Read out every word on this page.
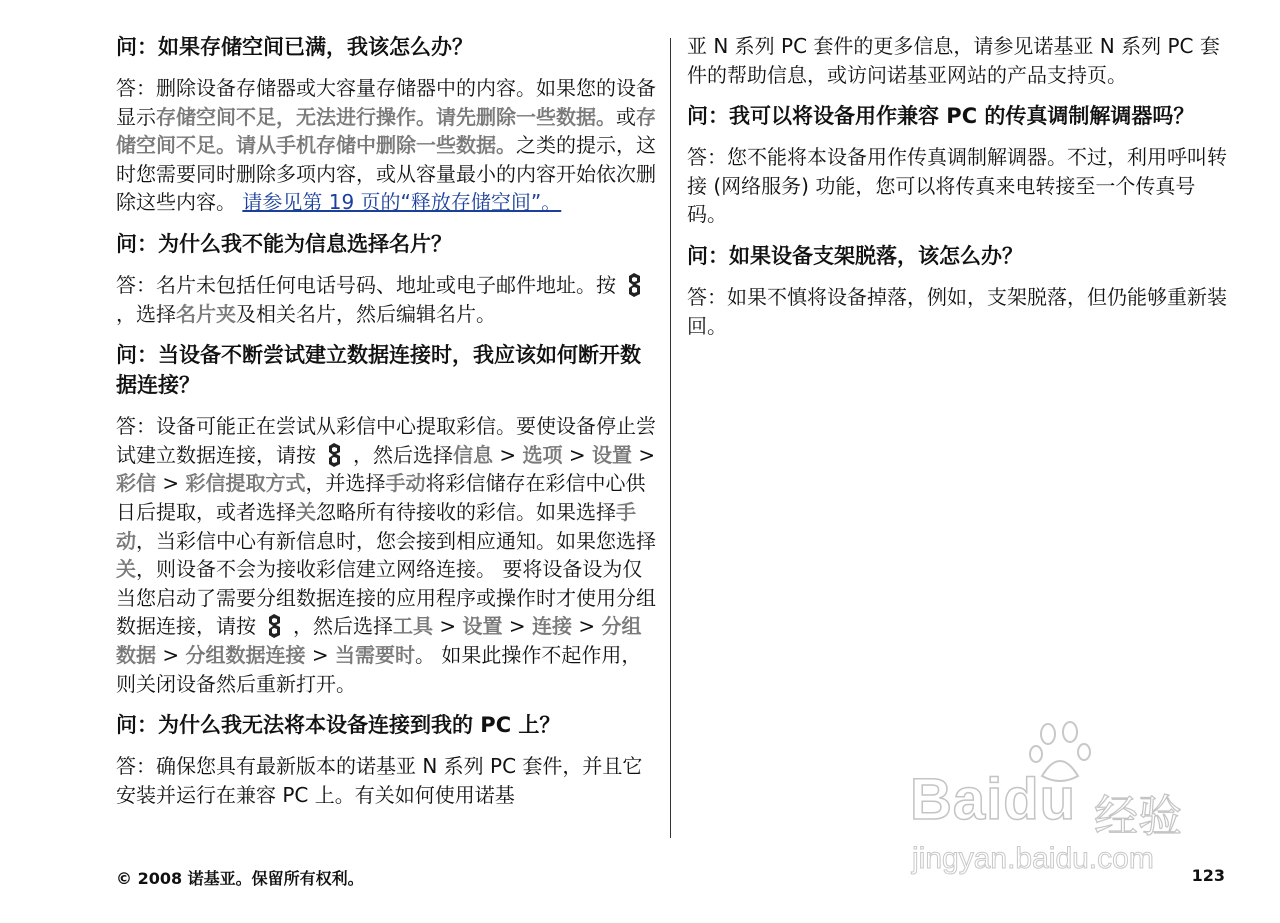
问：如果存储空间已满，我该怎么办？

答：删除设备存储器或大容量存储器中的内容。如果您的设备显示存储空间不足，无法进行操作。请先删除一些数据。或存储空间不足。请从手机存储中删除一些数据。之类的提示，这时您需要同时删除多项内容，或从容量最小的内容开始依次删除这些内容。 请参见第 19 页的“释放存储空间”。

问：为什么我不能为信息选择名片？

答：名片未包括任何电话号码、地址或电子邮件地址。按
，选择名片夹及相关名片，然后编辑名片。

问：当设备不断尝试建立数据连接时，我应该如何断开数据连接？

答：设备可能正在尝试从彩信中心提取彩信。要使设备停止尝试建立数据连接，请按 ，然后选择信息 > 选项 > 设置 > 彩信 > 彩信提取方式，并选择手动将彩信储存在彩信中心供日后提取，或者选择关忽略所有待接收的彩信。如果选择手动，当彩信中心有新信息时，您会接到相应通知。如果您选择关，则设备不会为接收彩信建立网络连接。 要将设备设为仅当您启动了需要分组数据连接的应用程序或操作时才使用分组数据连接，请按 ，然后选择工具 > 设置 > 连接 > 分组数据 > 分组数据连接 > 当需要时。 如果此操作不起作用，则关闭设备然后重新打开。

问：为什么我无法将本设备连接到我的 PC 上？

答：确保您具有最新版本的诺基亚 N 系列 PC 套件，并且它安装并运行在兼容 PC 上。有关如何使用诺基

亚 N 系列 PC 套件的更多信息，请参见诺基亚 N 系列 PC 套件的帮助信息，或访问诺基亚网站的产品支持页。

问：我可以将设备用作兼容 PC 的传真调制解调器吗？

答：您不能将本设备用作传真调制解调器。不过，利用呼叫转接 (网络服务) 功能，您可以将传真来电转接至一个传真号码。

问：如果设备支架脱落，该怎么办？

答：如果不慎将设备掉落，例如，支架脱落，但仍能够重新装回。

Baidu 经验
jingyan.baidu.com
© 2008 诺基亚。保留所有权利。	123
